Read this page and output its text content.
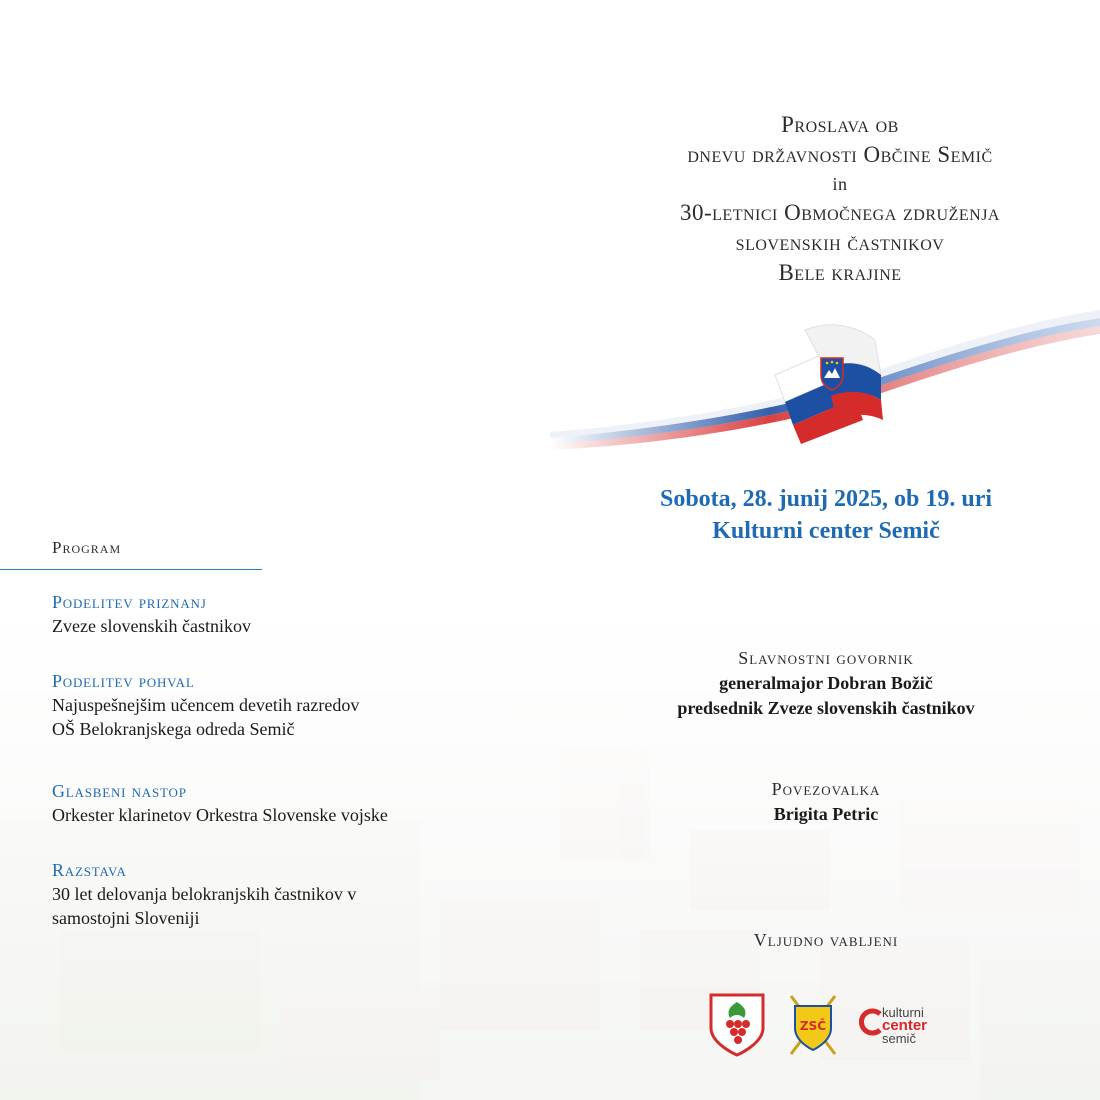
Proslava ob
dnevu državnosti Občine Semič
in
30-letnici Območnega združenja
slovenskih častnikov
Bele krajine
Sobota, 28. junij 2025, ob 19. uri
Kulturni center Semič
Program
Podelitev priznanj
Zveze slovenskih častnikov
Podelitev pohval
Najuspešnejšim učencem devetih razredov
OŠ Belokranjskega odreda Semič
Glasbeni nastop
Orkester klarinetov Orkestra Slovenske vojske
Razstava
30 let delovanja belokranjskih častnikov v
samostojni Sloveniji
Slavnostni govornik
generalmajor Dobran Božič
predsednik Zveze slovenskih častnikov
Povezovalka
Brigita Petric
Vljudno vabljeni
ZSČ
kulturni
center
semič
